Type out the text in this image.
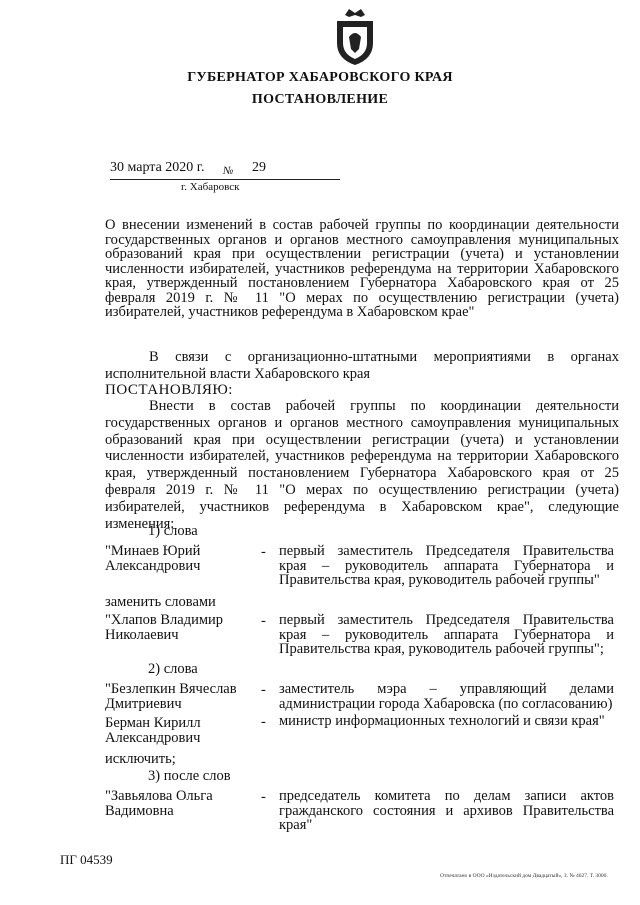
ГУБЕРНАТОР ХАБАРОВСКОГО КРАЯ
ПОСТАНОВЛЕНИЕ
30 марта 2020 г. № 29
г. Хабаровск
О внесении изменений в состав рабочей группы по координации деятельности государственных органов и органов местного самоуправления муниципальных образований края при осуществлении регистрации (учета) и установлении численности избирателей, участников референдума на территории Хабаровского края, утвержденный постановлением Губернатора Хабаровского края от 25 февраля 2019 г. № 11 "О мерах по осуществлению регистрации (учета) избирателей, участников референдума в Хабаровском крае"
В связи с организационно-штатными мероприятиями в органах исполнительной власти Хабаровского края
ПОСТАНОВЛЯЮ:
Внести в состав рабочей группы по координации деятельности государственных органов и органов местного самоуправления муниципальных образований края при осуществлении регистрации (учета) и установлении численности избирателей, участников референдума на территории Хабаровского края, утвержденный постановлением Губернатора Хабаровского края от 25 февраля 2019 г. № 11 "О мерах по осуществлению регистрации (учета) избирателей, участников референдума в Хабаровском крае", следующие изменения:
1) слова
"Минаев Юрий Александрович
- первый заместитель Председателя Правительства края – руководитель аппарата Губернатора и Правительства края, руководитель рабочей группы"
заменить словами
"Хлапов Владимир Николаевич
- первый заместитель Председателя Правительства края – руководитель аппарата Губернатора и Правительства края, руководитель рабочей группы";
2) слова
"Безлепкин Вячеслав Дмитриевич
- заместитель мэра – управляющий делами администрации города Хабаровска (по согласованию)
Берман Кирилл Александрович
- министр информационных технологий и связи края"
исключить;
3) после слов
"Завьялова Ольга Вадимовна
- председатель комитета по делам записи актов гражданского состояния и архивов Правительства края"
ПГ 04539
Отпечатано в ООО «Издательский дом Двадцатый», З. № 4627. Т. 3000.
